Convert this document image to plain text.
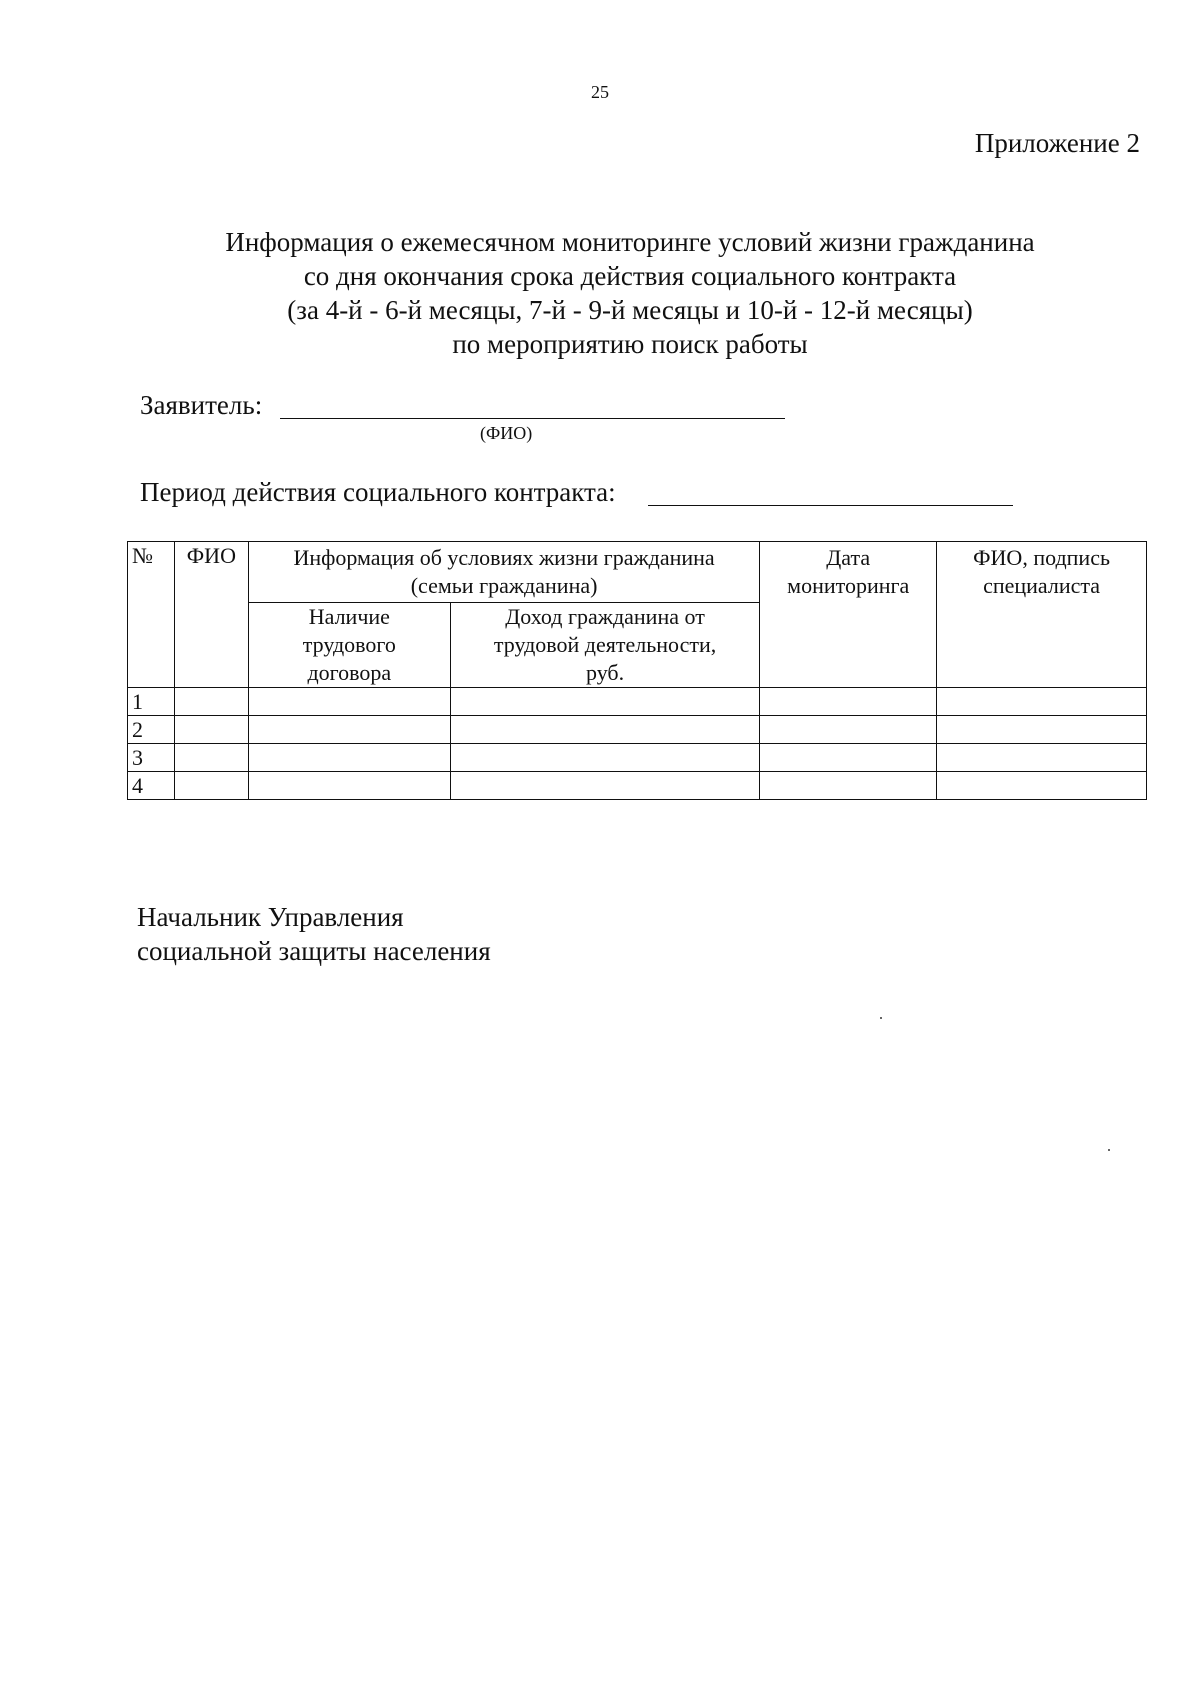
25
Приложение 2
Информация о ежемесячном мониторинге условий жизни гражданина
со дня окончания срока действия социального контракта
(за 4-й - 6-й месяцы, 7-й - 9-й месяцы и 10-й - 12-й месяцы)
по мероприятию поиск работы
Заявитель:
(ФИО)
Период действия социального контракта:
№	ФИО	Информация об условиях жизни гражданина (семьи гражданина)		Дата мониторинга	ФИО, подпись специалиста
		Наличие трудового договора	Доход гражданина от трудовой деятельности, руб.		
1					
2					
3					
4					
Начальник Управления
социальной защиты населения
